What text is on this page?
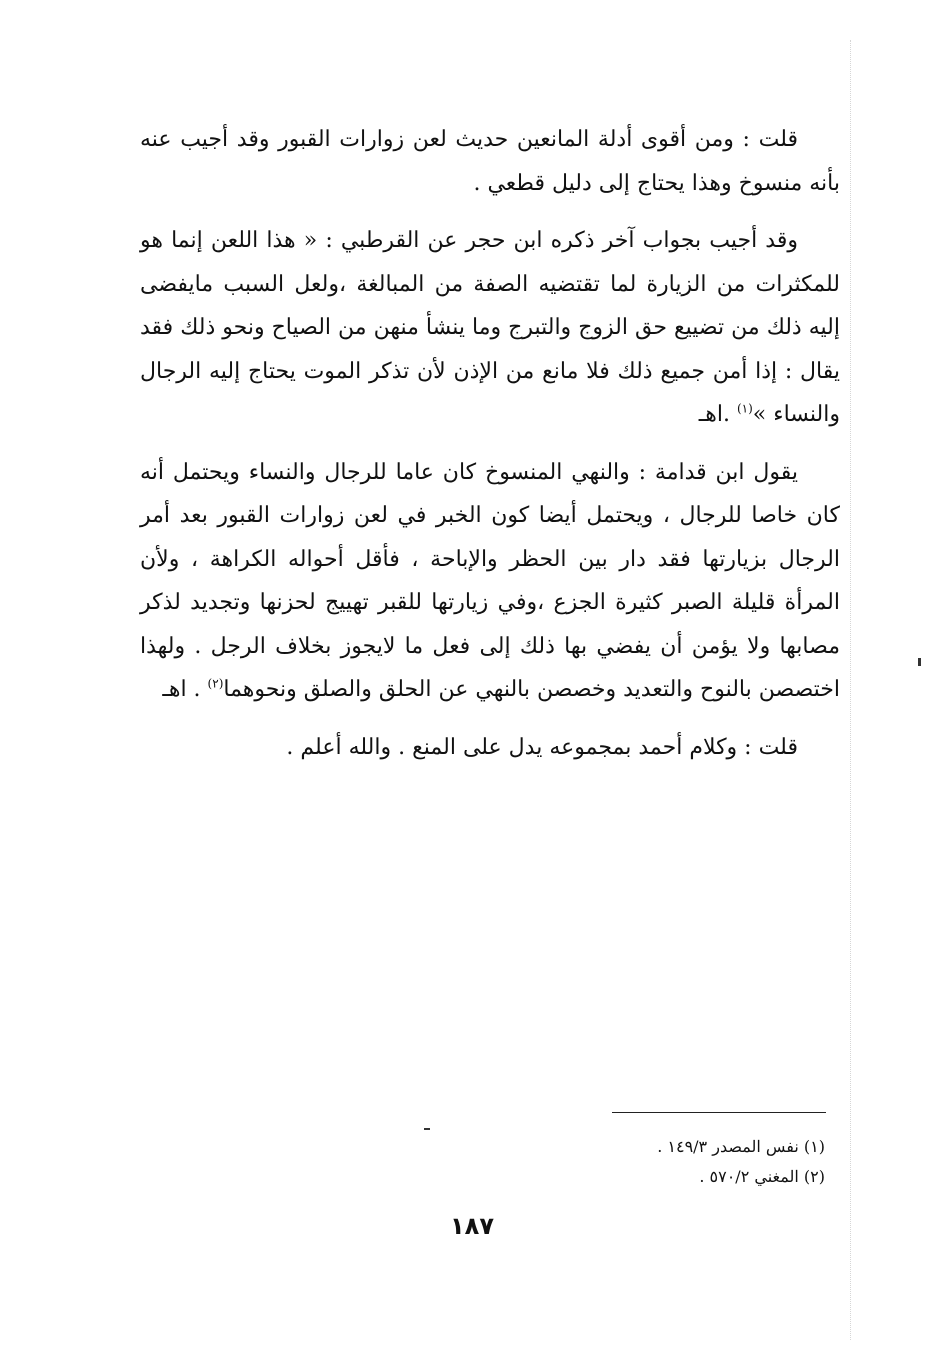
قلت : ومن أقوى أدلة المانعين حديث لعن زوارات القبور وقد أجيب عنه بأنه منسوخ وهذا يحتاج إلى دليل قطعي .

وقد أجيب بجواب آخر ذكره ابن حجر عن القرطبي : « هذا اللعن إنما هو للمكثرات من الزيارة لما تقتضيه الصفة من المبالغة ،ولعل السبب مايفضى إليه ذلك من تضييع حق الزوج والتبرج وما ينشأ منهن من الصياح ونحو ذلك فقد يقال : إذا أمن جميع ذلك فلا مانع من الإذن لأن تذكر الموت يحتاج إليه الرجال والنساء »$^{(١)}$ .اهـ

يقول ابن قدامة : والنهي المنسوخ كان عاما للرجال والنساء ويحتمل أنه كان خاصا للرجال ، ويحتمل أيضا كون الخبر في لعن زوارات القبور بعد أمر الرجال بزيارتها فقد دار بين الحظر والإباحة ، فأقل أحواله الكراهة ، ولأن المرأة قليلة الصبر كثيرة الجزع ،وفي زيارتها للقبر تهييج لحزنها وتجديد لذكر مصابها ولا يؤمن أن يفضي بها ذلك إلى فعل ما لايجوز بخلاف الرجل . ولهذا اختصصن بالنوح والتعديد وخصصن بالنهي عن الحلق والصلق ونحوهما$^{(٢)}$ . اهـ

قلت : وكلام أحمد بمجموعه يدل على المنع . والله أعلم .

(١) نفس المصدر ١٤٩/٣ .

(٢) المغني ٥٧٠/٢ .

١٨٧
